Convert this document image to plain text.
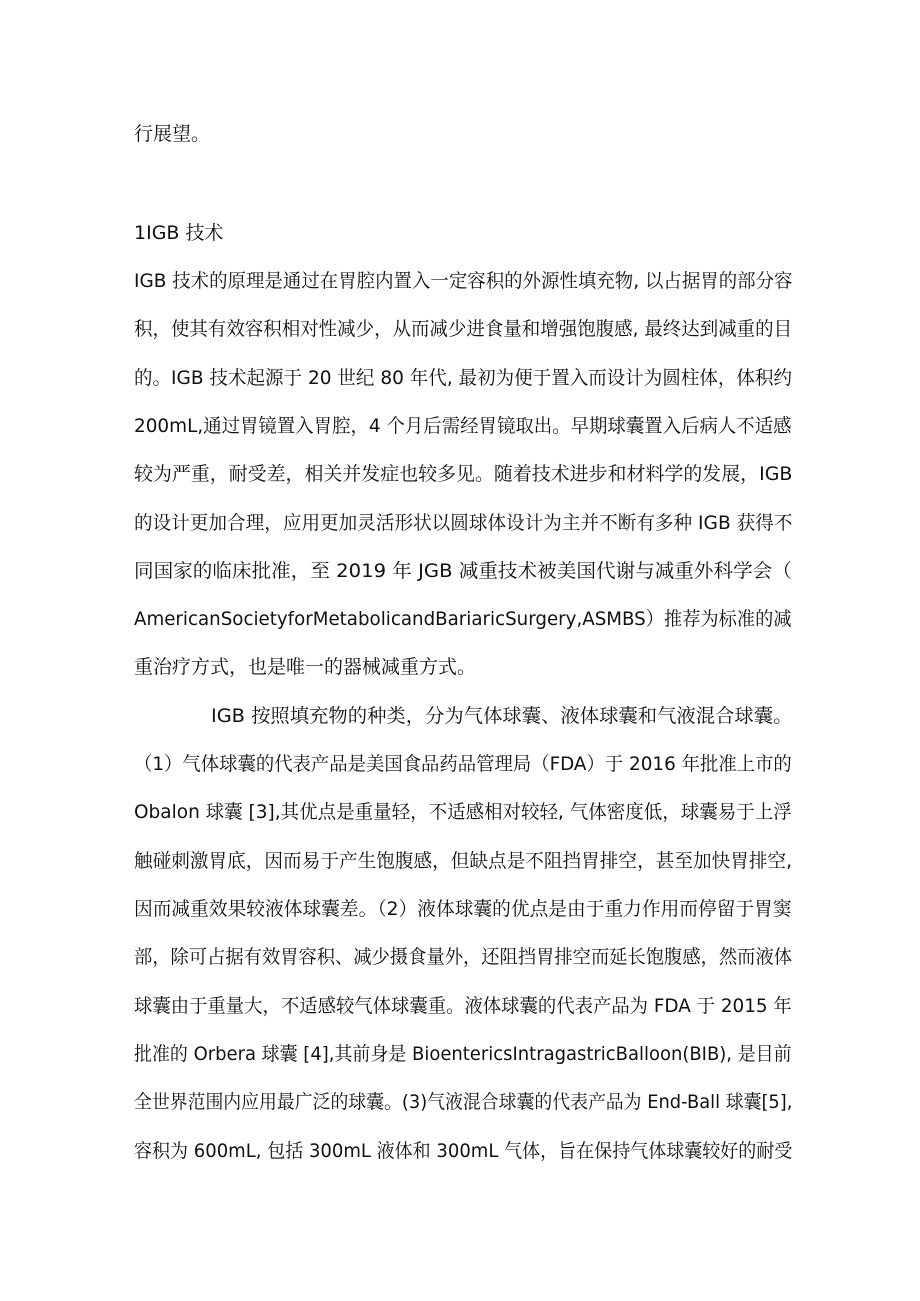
行展望。
1IGB 技术
IGB 技术的原理是通过在胃腔内置入一定容积的外源性填充物, 以占据胃的部分容
积，使其有效容积相对性减少，从而减少进食量和增强饱腹感, 最终达到减重的目
的。IGB 技术起源于 20 世纪 80 年代, 最初为便于置入而设计为圆柱体，体积约
200mL,通过胃镜置入胃腔，4 个月后需经胃镜取出。早期球囊置入后病人不适感
较为严重，耐受差，相关并发症也较多见。随着技术进步和材料学的发展，IGB
的设计更加合理，应用更加灵活形状以圆球体设计为主并不断有多种 IGB 获得不
同国家的临床批准，至 2019 年 JGB 减重技术被美国代谢与减重外科学会（
AmericanSocietyforMetabolicandBariaricSurgery,ASMBS）推荐为标准的减
重治疗方式，也是唯一的器械减重方式。
IGB 按照填充物的种类，分为气体球囊、液体球囊和气液混合球囊。
（1）气体球囊的代表产品是美国食品药品管理局（FDA）于 2016 年批准上市的
Obalon 球囊 [3],其优点是重量轻，不适感相对较轻, 气体密度低，球囊易于上浮
触碰刺激胃底，因而易于产生饱腹感，但缺点是不阻挡胃排空，甚至加快胃排空,
因而减重效果较液体球囊差。（2）液体球囊的优点是由于重力作用而停留于胃窦
部，除可占据有效胃容积、减少摄食量外，还阻挡胃排空而延长饱腹感，然而液体
球囊由于重量大，不适感较气体球囊重。液体球囊的代表产品为 FDA 于 2015 年
批准的 Orbera 球囊 [4],其前身是 BioentericsIntragastricBalloon(BIB), 是目前
全世界范围内应用最广泛的球囊。(3)气液混合球囊的代表产品为 End-Ball 球囊[5],
容积为 600mL, 包括 300mL 液体和 300mL 气体，旨在保持气体球囊较好的耐受
